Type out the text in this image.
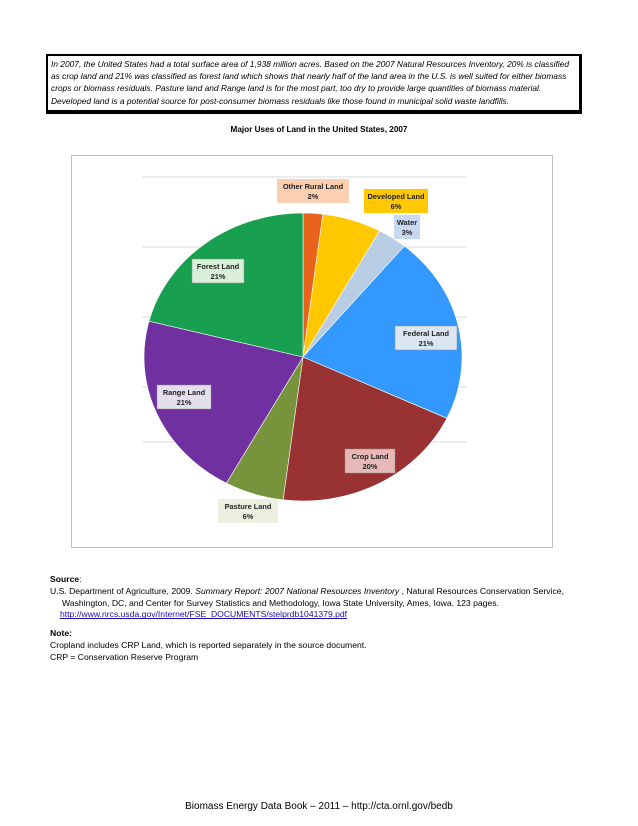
In 2007, the United States had a total surface area of 1,938 million acres. Based on the 2007 Natural Resources Inventory, 20% is classified as crop land and 21% was classified as forest land which shows that nearly half of the land area in the U.S. is well suited for either biomass crops or biomass residuals. Pasture land and Range land is for the most part, too dry to provide large quantities of biomass material. Developed land is a potential source for post-consumer biomass residuals like those found in municipal solid waste landfills.
Major Uses of Land in the United States, 2007
Other Rural Land
2%	Developed Land
6%
Water
3%
Federal Land
21%
Crop Land
20%
Pasture Land
6%
Range Land
21%
Forest Land
21%
Source:
U.S. Department of Agriculture, 2009. Summary Report: 2007 National Resources Inventory , Natural Resources Conservation Service,
Washington, DC, and Center for Survey Statistics and Methodology, Iowa State University, Ames, Iowa. 123 pages.
http://www.nrcs.usda.gov/Internet/FSE_DOCUMENTS/stelprdb1041379.pdf
Note:
Cropland includes CRP Land, which is reported separately in the source document.
CRP = Conservation Reserve Program
Biomass Energy Data Book – 2011 – http://cta.ornl.gov/bedb
